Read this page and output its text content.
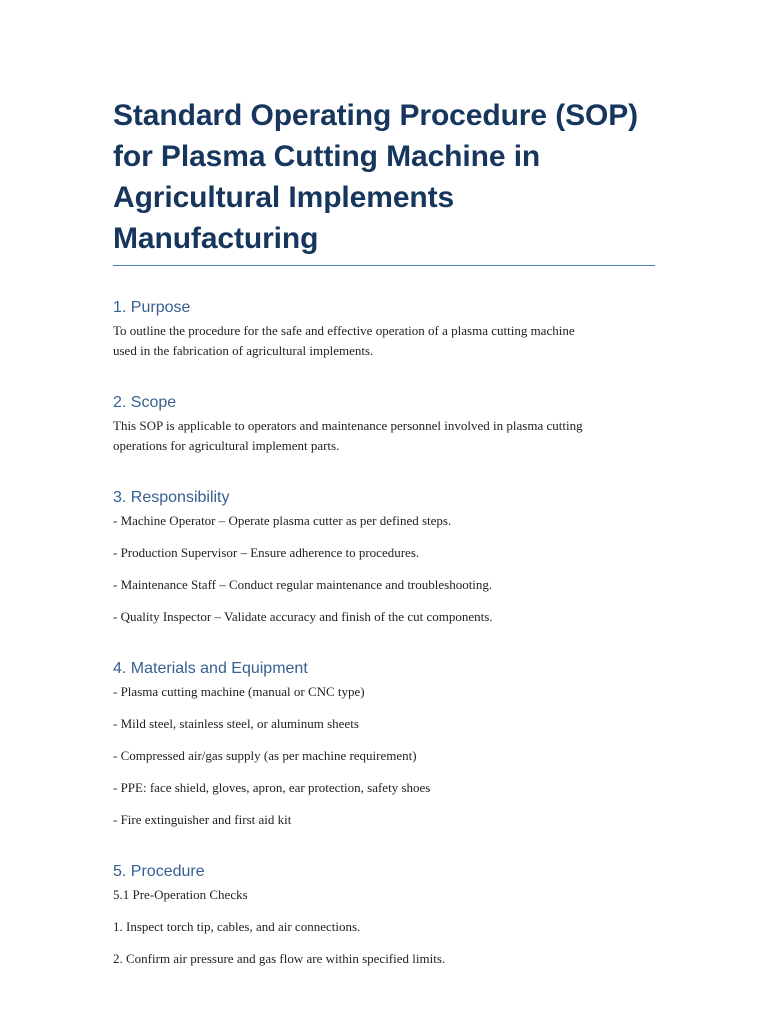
Standard Operating Procedure (SOP) for Plasma Cutting Machine in Agricultural Implements Manufacturing
1. Purpose

To outline the procedure for the safe and effective operation of a plasma cutting machine

used in the fabrication of agricultural implements.

2. Scope

This SOP is applicable to operators and maintenance personnel involved in plasma cutting

operations for agricultural implement parts.

3. Responsibility

- Machine Operator – Operate plasma cutter as per defined steps.

- Production Supervisor – Ensure adherence to procedures.

- Maintenance Staff – Conduct regular maintenance and troubleshooting.

- Quality Inspector – Validate accuracy and finish of the cut components.

4. Materials and Equipment

- Plasma cutting machine (manual or CNC type)

- Mild steel, stainless steel, or aluminum sheets

- Compressed air/gas supply (as per machine requirement)

- PPE: face shield, gloves, apron, ear protection, safety shoes

- Fire extinguisher and first aid kit

5. Procedure

5.1 Pre-Operation Checks

1. Inspect torch tip, cables, and air connections.

2. Confirm air pressure and gas flow are within specified limits.
